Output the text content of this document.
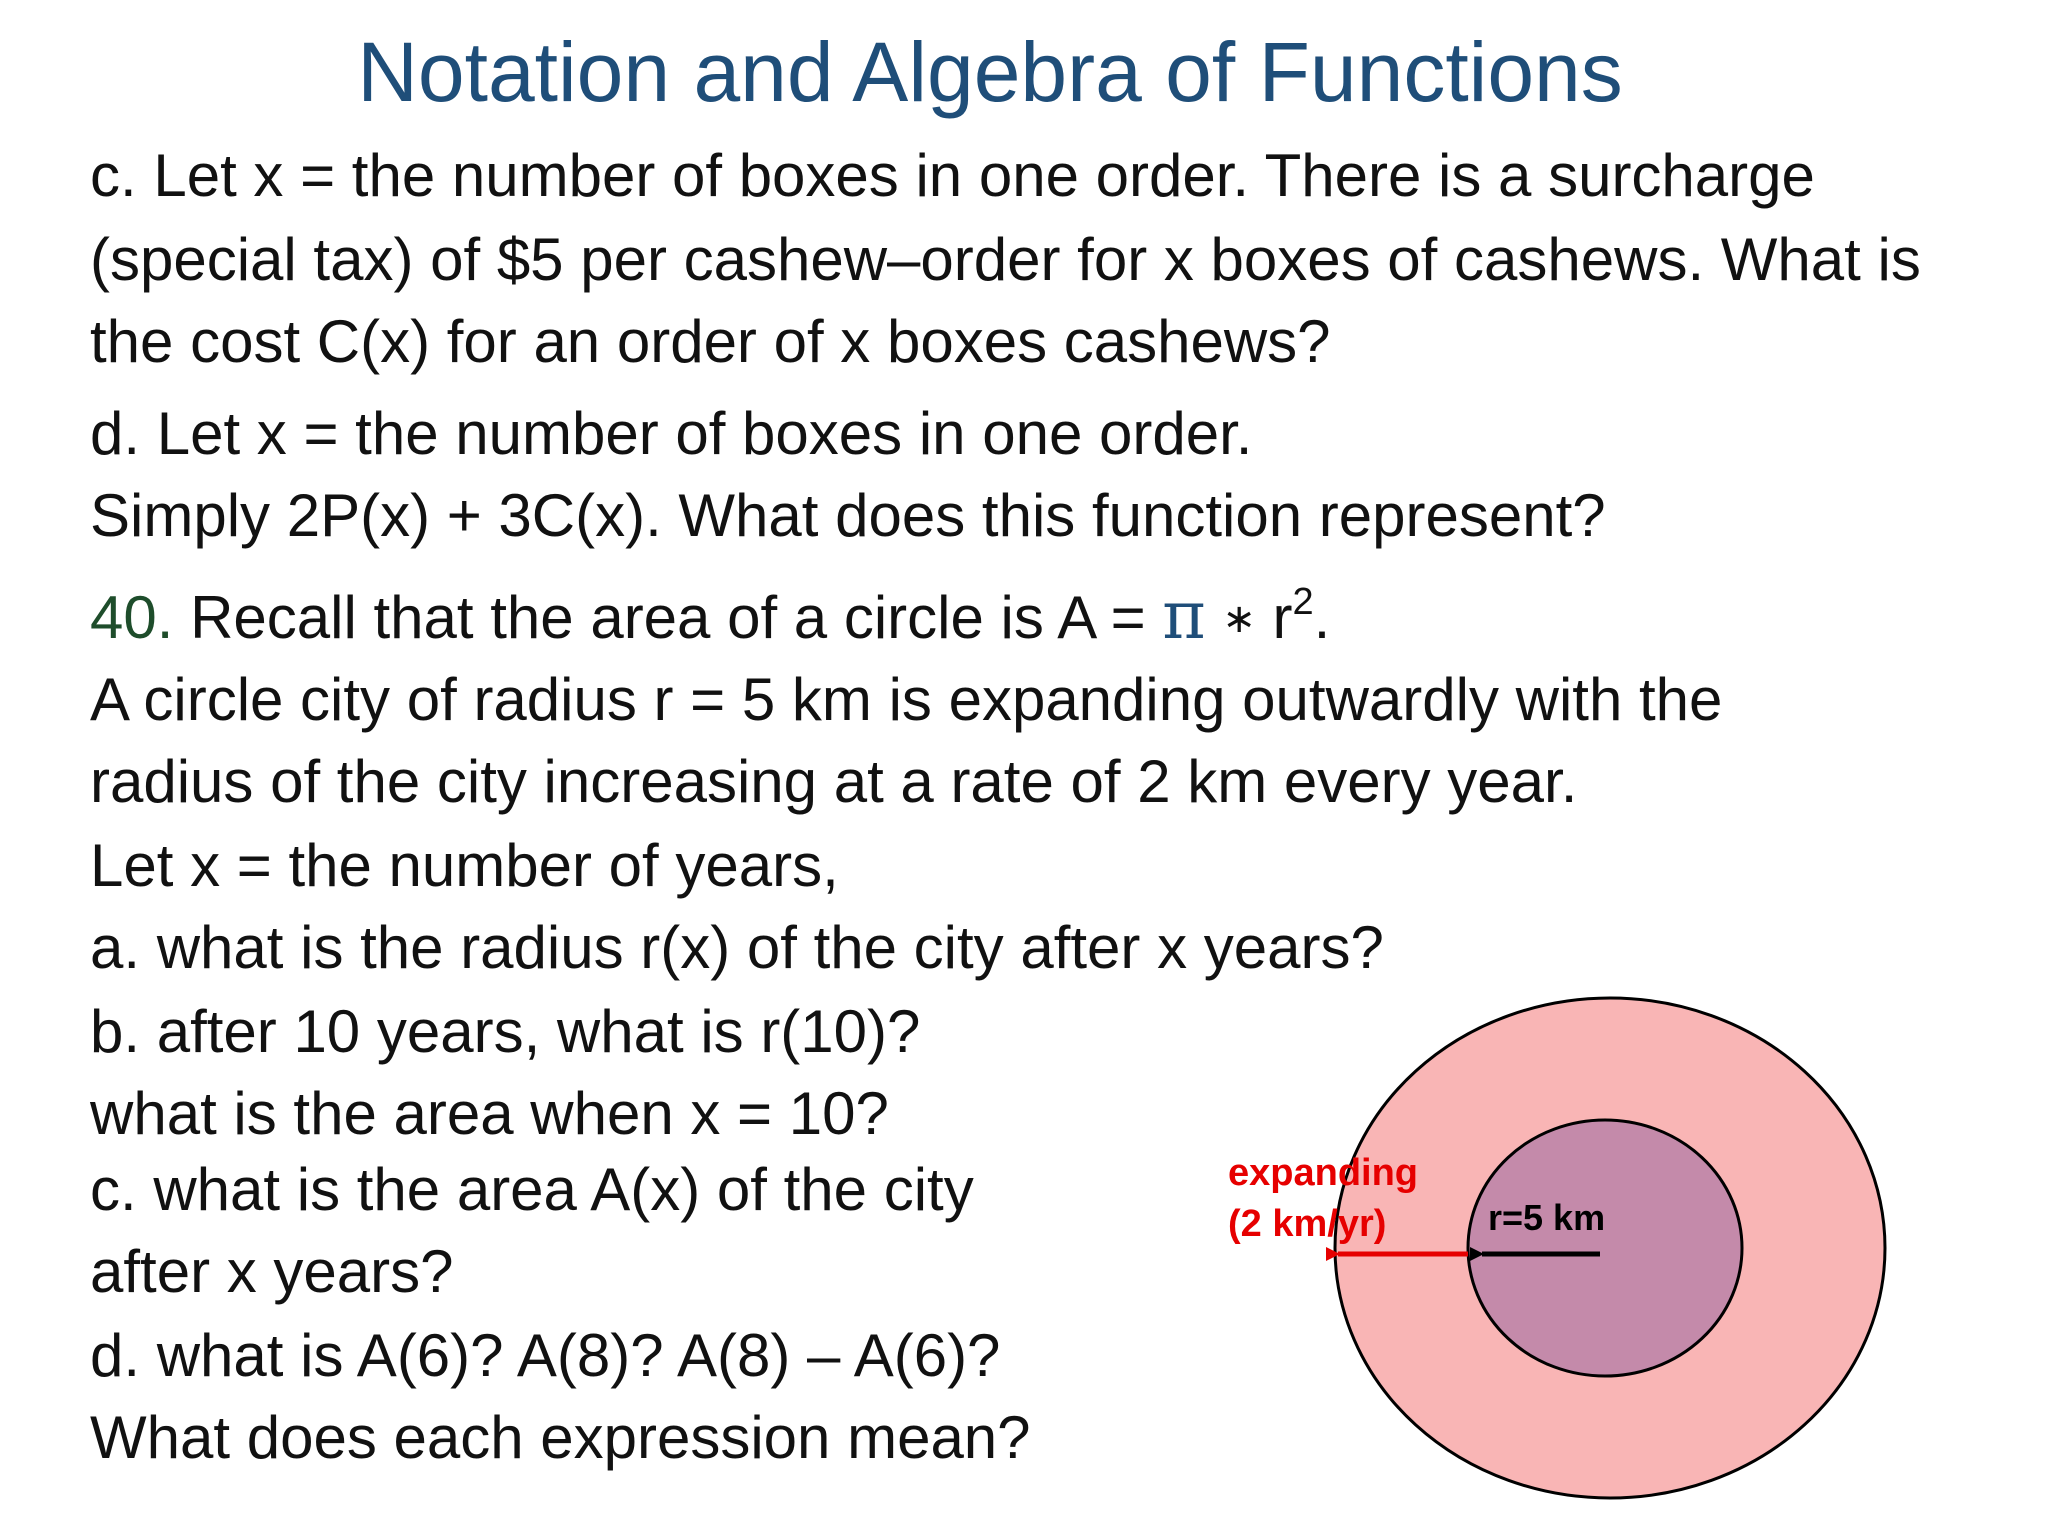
Notation and Algebra of Functions
c. Let x = the number of boxes in one order. There is a surcharge
(special tax) of $5 per cashew–order for x boxes of cashews. What is
the cost C(x) for an order of x boxes cashews?
d. Let x = the number of boxes in one order.
Simply 2P(x) + 3C(x). What does this function represent?
40. Recall that the area of a circle is A = π ∗ $r^2$.
A circle city of radius r = 5 km is expanding outwardly with the
radius of the city increasing at a rate of 2 km every year.
Let x = the number of years,
a. what is the radius r(x) of the city after x years?
b. after 10 years, what is r(10)?
what is the area when x = 10?
c. what is the area A(x) of the city
after x years?
d. what is A(6)? A(8)? A(8) – A(6)?
What does each expression mean?
expanding
(2 km/yr)	r=5 km
